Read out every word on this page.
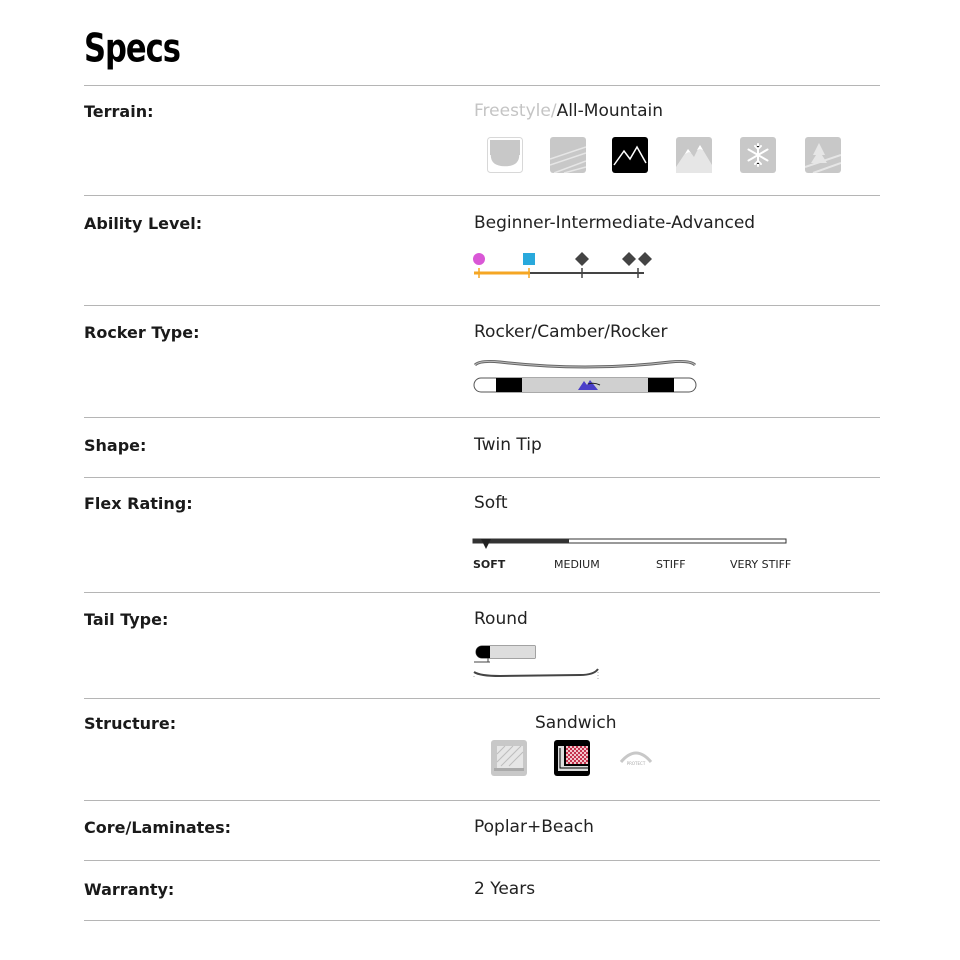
Specs
Terrain:	Freestyle/All-Mountain
Ability Level:	Beginner-Intermediate-Advanced
Rocker Type:	Rocker/Camber/Rocker
Shape:	Twin Tip
Flex Rating:	Soft
SOFT	MEDIUM	STIFF	VERY STIFF
Tail Type:	Round
Structure:	Sandwich
PROTECT
Core/Laminates:	Poplar+Beach
Warranty:	2 Years
